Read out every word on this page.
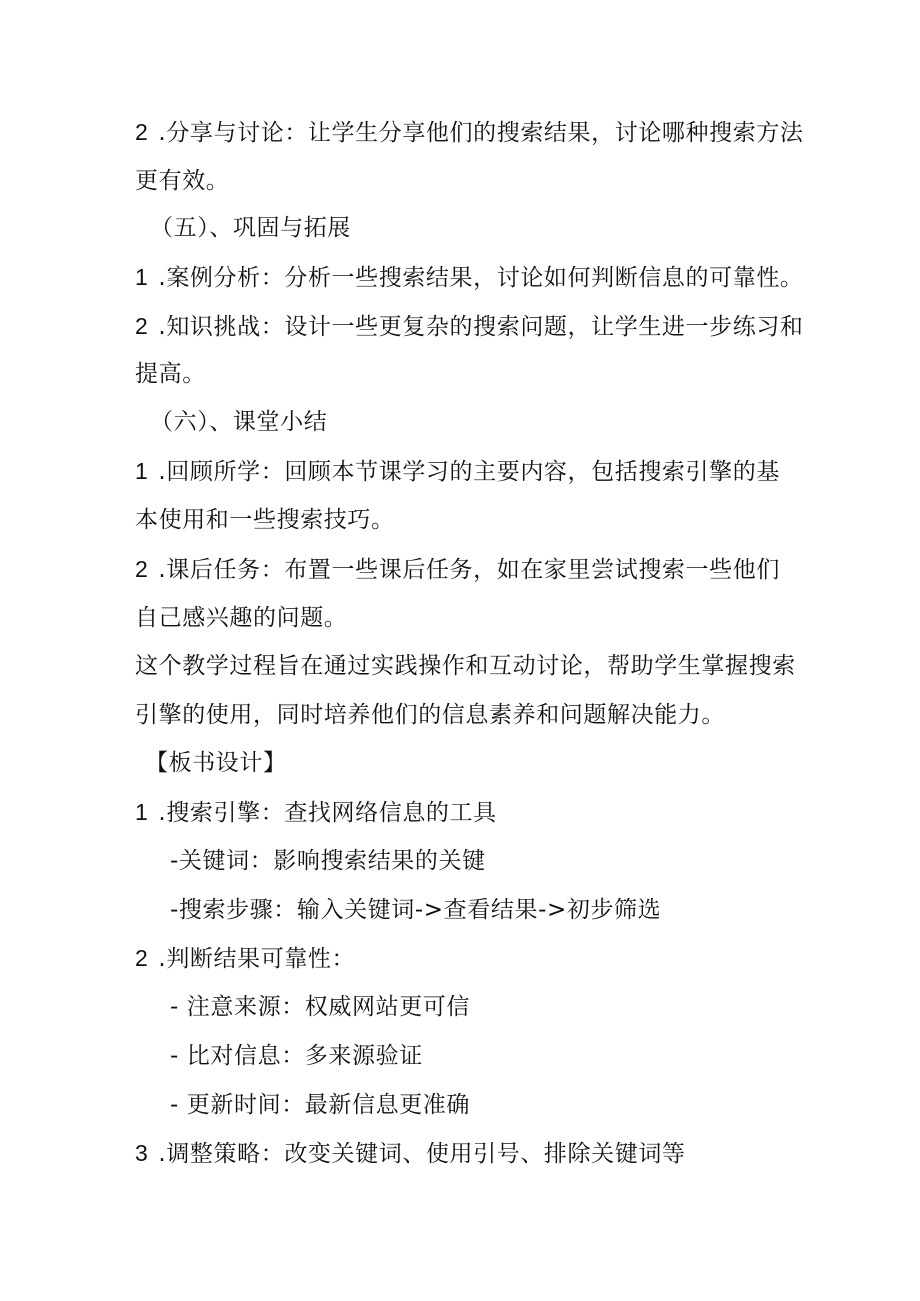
2 .分享与讨论：让学生分享他们的搜索结果，讨论哪种搜索方法
更有效。
（五）、巩固与拓展
1 .案例分析：分析一些搜索结果，讨论如何判断信息的可靠性。
2 .知识挑战：设计一些更复杂的搜索问题，让学生进一步练习和
提高。
（六）、课堂小结
1 .回顾所学：回顾本节课学习的主要内容，包括搜索引擎的基
本使用和一些搜索技巧。
2 .课后任务：布置一些课后任务，如在家里尝试搜索一些他们
自己感兴趣的问题。
这个教学过程旨在通过实践操作和互动讨论，帮助学生掌握搜索
引擎的使用，同时培养他们的信息素养和问题解决能力。
【板书设计】
1 .搜索引擎：查找网络信息的工具
-关键词：影响搜索结果的关键
-搜索步骤：输入关键词->查看结果->初步筛选
2 .判断结果可靠性：
- 注意来源：权威网站更可信
- 比对信息：多来源验证
- 更新时间：最新信息更准确
3 .调整策略：改变关键词、使用引号、排除关键词等
